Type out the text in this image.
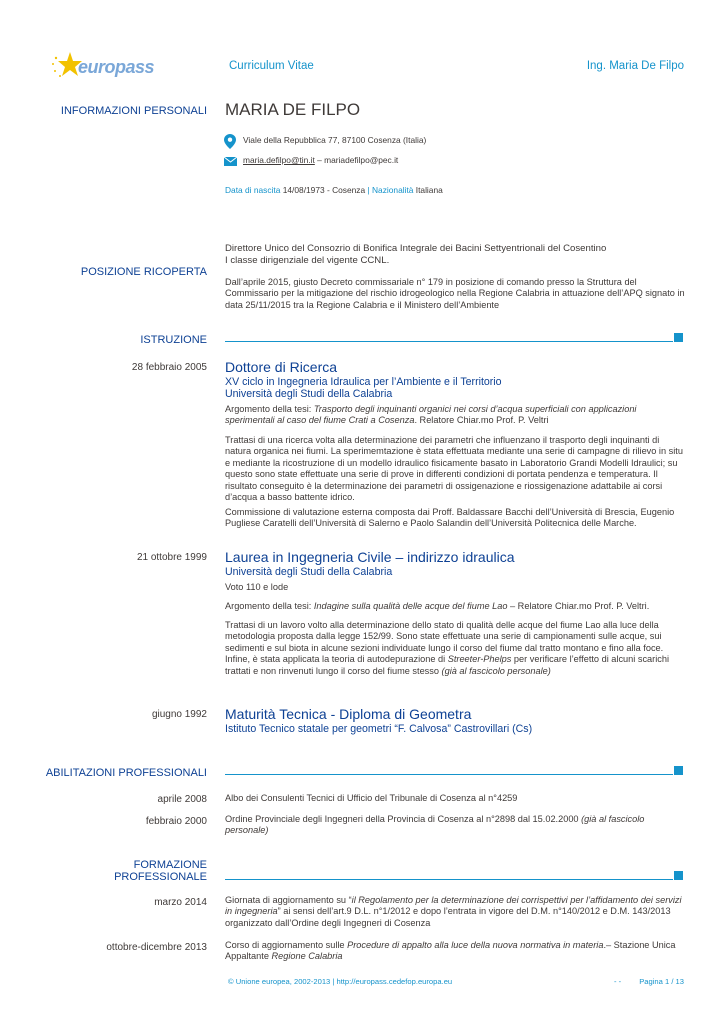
europass	Curriculum Vitae	Ing. Maria De Filpo
INFORMAZIONI PERSONALI MARIA DE FILPO
Viale della Repubblica 77, 87100 Cosenza (Italia)
maria.defilpo@tin.it – mariadefilpo@pec.it
Data di nascita 14/08/1973 - Cosenza | Nazionalità Italiana
POSIZIONE RICOPERTA
Direttore Unico del Consozrio di Bonifica Integrale dei Bacini Settyentrionali del Cosentino
I classe dirigenziale del vigente CCNL.
Dall’aprile 2015, giusto Decreto commissariale n° 179 in posizione di comando presso la Struttura del Commissario per la mitigazione del rischio idrogeologico nella Regione Calabria in attuazione dell’APQ signato in data 25/11/2015 tra la Regione Calabria e il Ministero dell’Ambiente
ISTRUZIONE
28 febbraio 2005 Dottore di Ricerca
XV ciclo in Ingegneria Idraulica per l’Ambiente e il Territorio
Università degli Studi della Calabria
Argomento della tesi: Trasporto degli inquinanti organici nei corsi d’acqua superficiali con applicazioni sperimentali al caso del fiume Crati a Cosenza. Relatore Chiar.mo Prof. P. Veltri
Trattasi di una ricerca volta alla determinazione dei parametri che influenzano il trasporto degli inquinanti di natura organica nei fiumi. La sperimemtazione è stata effettuata mediante una serie di campagne di rilievo in situ e mediante la ricostruzione di un modello idraulico fisicamente basato in Laboratorio Grandi Modelli Idraulici; su questo sono state effettuate una serie di prove in differenti condizioni di portata pendenza e temperatura. Il risultato conseguito è la determinazione dei parametri di ossigenazione e riossigenazione adattabile ai corsi d’acqua a basso battente idrico.
Commissione di valutazione esterna composta dai Proff. Baldassare Bacchi dell’Università di Brescia, Eugenio Pugliese Caratelli dell’Università di Salerno e Paolo Salandin dell’Università Politecnica delle Marche.
21 ottobre 1999 Laurea in Ingegneria Civile – indirizzo idraulica
Università degli Studi della Calabria
Voto 110 e lode
Argomento della tesi: Indagine sulla qualità delle acque del fiume Lao – Relatore Chiar.mo Prof. P. Veltri.
Trattasi di un lavoro volto alla determinazione dello stato di qualità delle acque del fiume Lao alla luce della metodologia proposta dalla legge 152/99. Sono state effettuate una serie di campionamenti sulle acque, sui sedimenti e sul biota in alcune sezioni individuate lungo il corso del fiume dal tratto montano e fino alla foce. Infine, è stata applicata la teoria di autodepurazione di Streeter-Phelps per verificare l’effetto di alcuni scarichi trattati e non rinvenuti lungo il corso del fiume stesso (già al fascicolo personale)
giugno 1992 Maturità Tecnica - Diploma di Geometra
Istituto Tecnico statale per geometri “F. Calvosa” Castrovillari (Cs)
ABILITAZIONI PROFESSIONALI
aprile 2008 Albo dei Consulenti Tecnici di Ufficio del Tribunale di Cosenza al n°4259
febbraio 2000 Ordine Provinciale degli Ingegneri della Provincia di Cosenza al n°2898 dal 15.02.2000 (già al fascicolo personale)
FORMAZIONE
PROFESSIONALE
marzo 2014 Giornata di aggiornamento su “il Regolamento per la determinazione dei corrispettivi per l’affidamento dei servizi in ingegneria” ai sensi dell’art.9 D.L. n°1/2012 e dopo l’entrata in vigore del D.M. n°140/2012 e D.M. 143/2013 organizzato dall’Ordine degli Ingegneri di Cosenza
ottobre-dicembre 2013 Corso di aggiornamento sulle Procedure di appalto alla luce della nuova normativa in materia.– Stazione Unica Appaltante Regione Calabria
© Unione europea, 2002-2013 | http://europass.cedefop.europa.eu	- - Pagina 1 / 13
